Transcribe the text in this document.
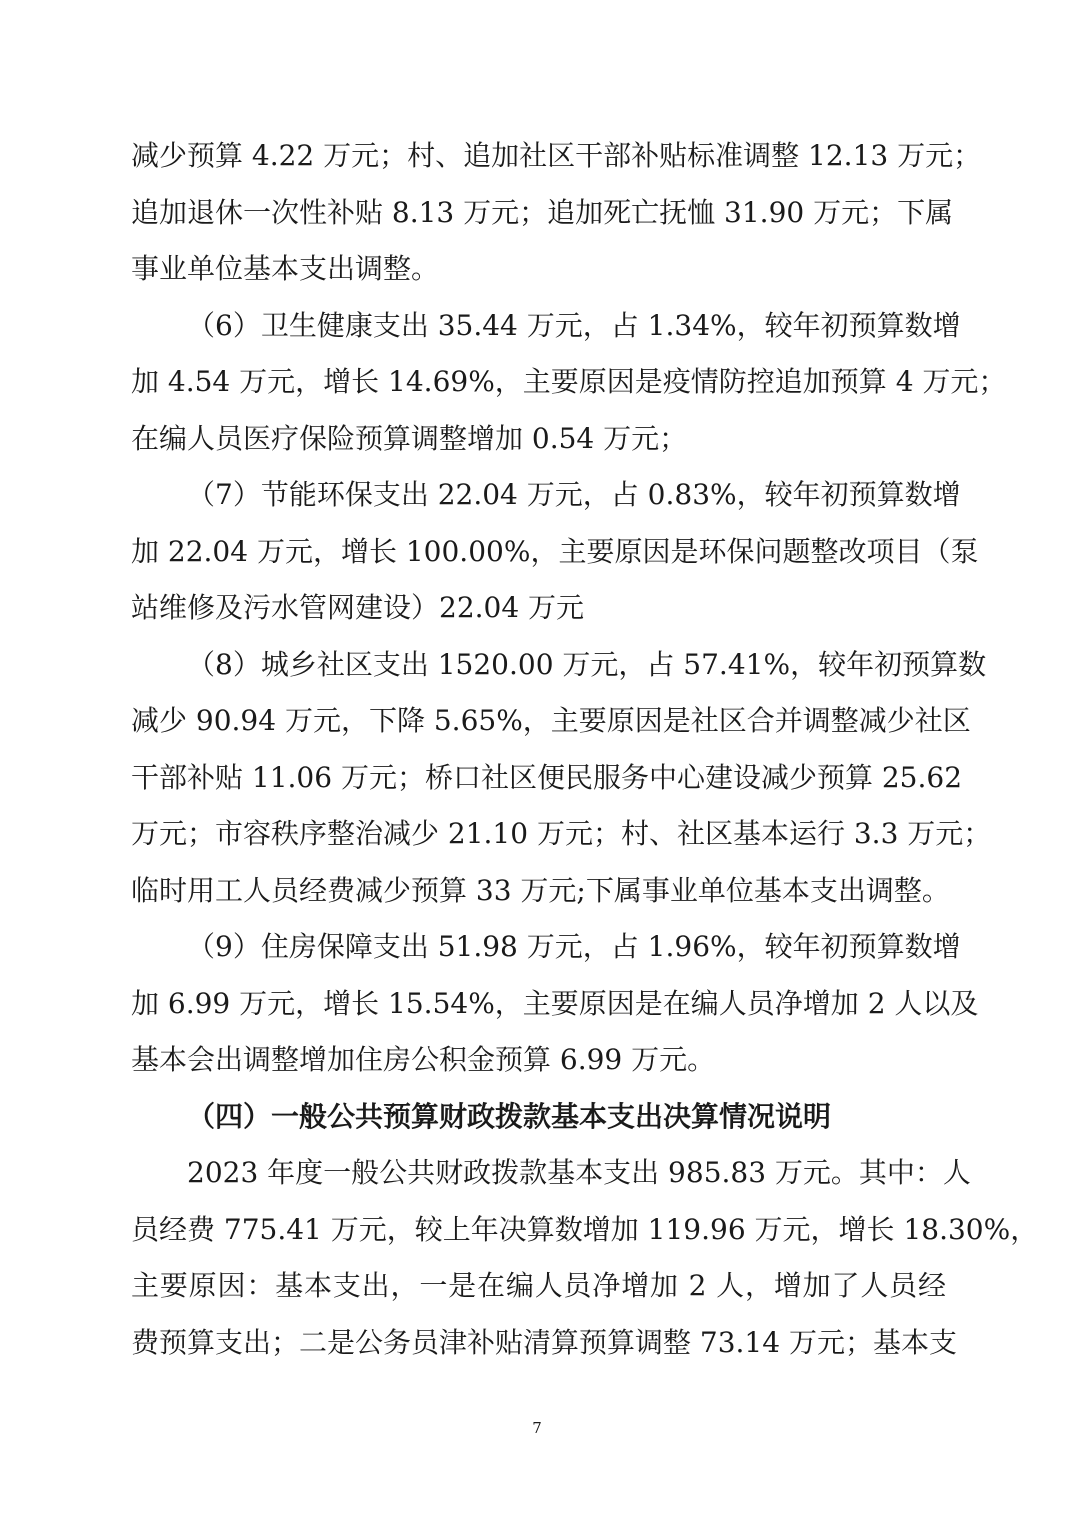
减少预算 4.22 万元；村、追加社区干部补贴标准调整 12.13 万元；
追加退休一次性补贴 8.13 万元；追加死亡抚恤 31.90 万元；下属
事业单位基本支出调整。
（6）卫生健康支出 35.44 万元，占 1.34%，较年初预算数增
加 4.54 万元，增长 14.69%，主要原因是疫情防控追加预算 4 万元；
在编人员医疗保险预算调整增加 0.54 万元；
（7）节能环保支出 22.04 万元，占 0.83%，较年初预算数增
加 22.04 万元，增长 100.00%，主要原因是环保问题整改项目（泵
站维修及污水管网建设）22.04 万元
（8）城乡社区支出 1520.00 万元，占 57.41%，较年初预算数
减少 90.94 万元，下降 5.65%，主要原因是社区合并调整减少社区
干部补贴 11.06 万元；桥口社区便民服务中心建设减少预算 25.62
万元；市容秩序整治减少 21.10 万元；村、社区基本运行 3.3 万元；
临时用工人员经费减少预算 33 万元;下属事业单位基本支出调整。
（9）住房保障支出 51.98 万元，占 1.96%，较年初预算数增
加 6.99 万元，增长 15.54%，主要原因是在编人员净增加 2 人以及
基本会出调整增加住房公积金预算 6.99 万元。
（四）一般公共预算财政拨款基本支出决算情况说明
2023 年度一般公共财政拨款基本支出 985.83 万元。其中：人
员经费 775.41 万元，较上年决算数增加 119.96 万元，增长 18.30%，
主要原因：基本支出，一是在编人员净增加 2 人，增加了人员经
费预算支出；二是公务员津补贴清算预算调整 73.14 万元；基本支
7
